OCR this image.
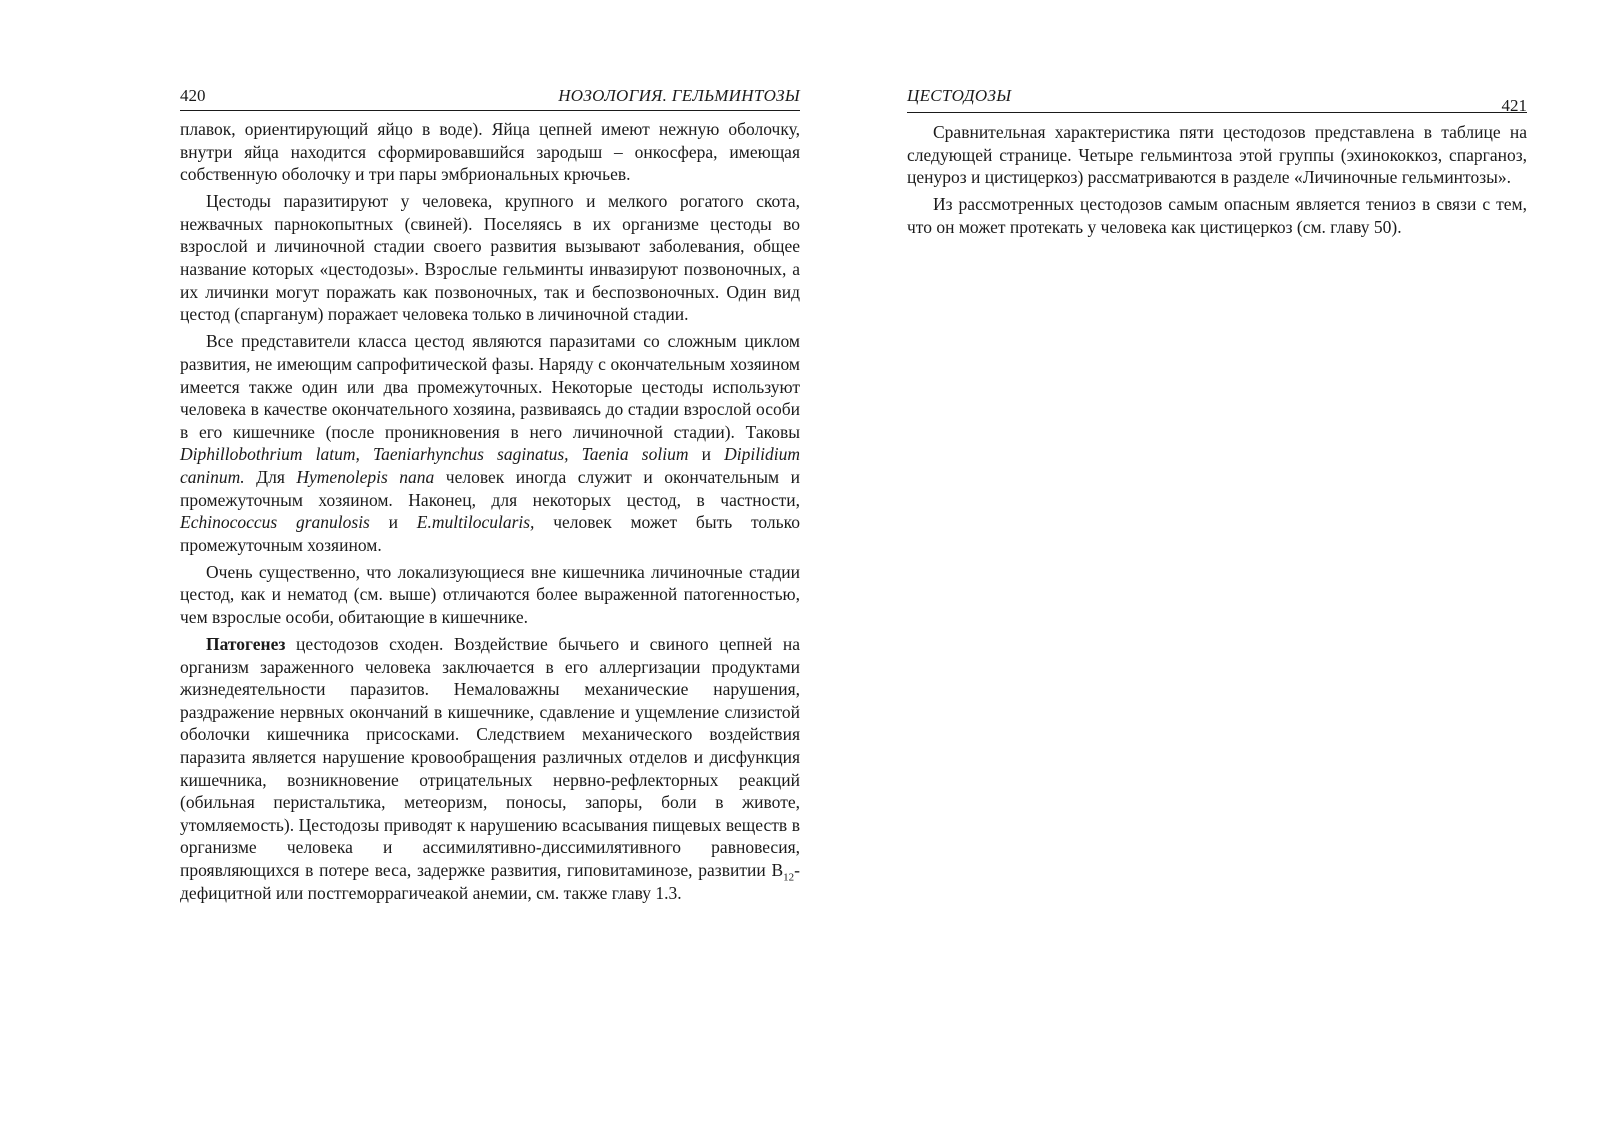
420	НОЗОЛОГИЯ. ГЕЛЬМИНТОЗЫ

плавок, ориентирующий яйцо в воде). Яйца цепней имеют нежную оболочку, внутри яйца находится сформировавшийся зародыш – онкосфера, имеющая собственную оболочку и три пары эмбриональных крючьев.

Цестоды паразитируют у человека, крупного и мелкого рогатого скота, нежвачных парнокопытных (свиней). Поселяясь в их организме цестоды во взрослой и личиночной стадии своего развития вызывают заболевания, общее название которых «цестодозы». Взрослые гельминты инвазируют позвоночных, а их личинки могут поражать как позвоночных, так и беспозвоночных. Один вид цестод (спарганум) поражает человека только в личиночной стадии.

Все представители класса цестод являются паразитами со сложным циклом развития, не имеющим сапрофитической фазы. Наряду с окончательным хозяином имеется также один или два промежуточных. Некоторые цестоды используют человека в качестве окончательного хозяина, развиваясь до стадии взрослой особи в его кишечнике (после проникновения в него личиночной стадии). Таковы Diphillobothrium latum, Taeniarhynchus saginatus, Taenia solium и Dipilidium caninum. Для Hymenolepis nana человек иногда служит и окончательным и промежуточным хозяином. Наконец, для некоторых цестод, в частности, Echinococcus granulosis и E.multilocularis, человек может быть только промежуточным хозяином.

Очень существенно, что локализующиеся вне кишечника личиночные стадии цестод, как и нематод (см. выше) отличаются более выраженной патогенностью, чем взрослые особи, обитающие в кишечнике.

Патогенез цестодозов сходен. Воздействие бычьего и свиного цепней на организм зараженного человека заключается в его аллергизации продуктами жизнедеятельности паразитов. Немаловажны механические нарушения, раздражение нервных окончаний в кишечнике, сдавление и ущемление слизистой оболочки кишечника присосками. Следствием механического воздействия паразита является нарушение кровообращения различных отделов и дисфункция кишечника, возникновение отрицательных нервно-рефлекторных реакций (обильная перистальтика, метеоризм, поносы, запоры, боли в животе, утомляемость). Цестодозы приводят к нарушению всасывания пищевых веществ в организме человека и ассимилятивно-диссимилятивного равновесия, проявляющихся в потере веса, задержке развития, гиповитаминозе, развитии $B_{12}$-дефицитной или постгеморрагичеакой анемии, см. также главу 1.3.

ЦЕСТОДОЗЫ
421

Сравнительная характеристика пяти цестодозов представлена в таблице на следующей странице. Четыре гельминтоза этой группы (эхинококкоз, спарганоз, ценуроз и цистицеркоз) рассматриваются в разделе «Личиночные гельминтозы».

Из рассмотренных цестодозов самым опасным является тениоз в связи с тем, что он может протекать у человека как цистицеркоз (см. главу 50).
